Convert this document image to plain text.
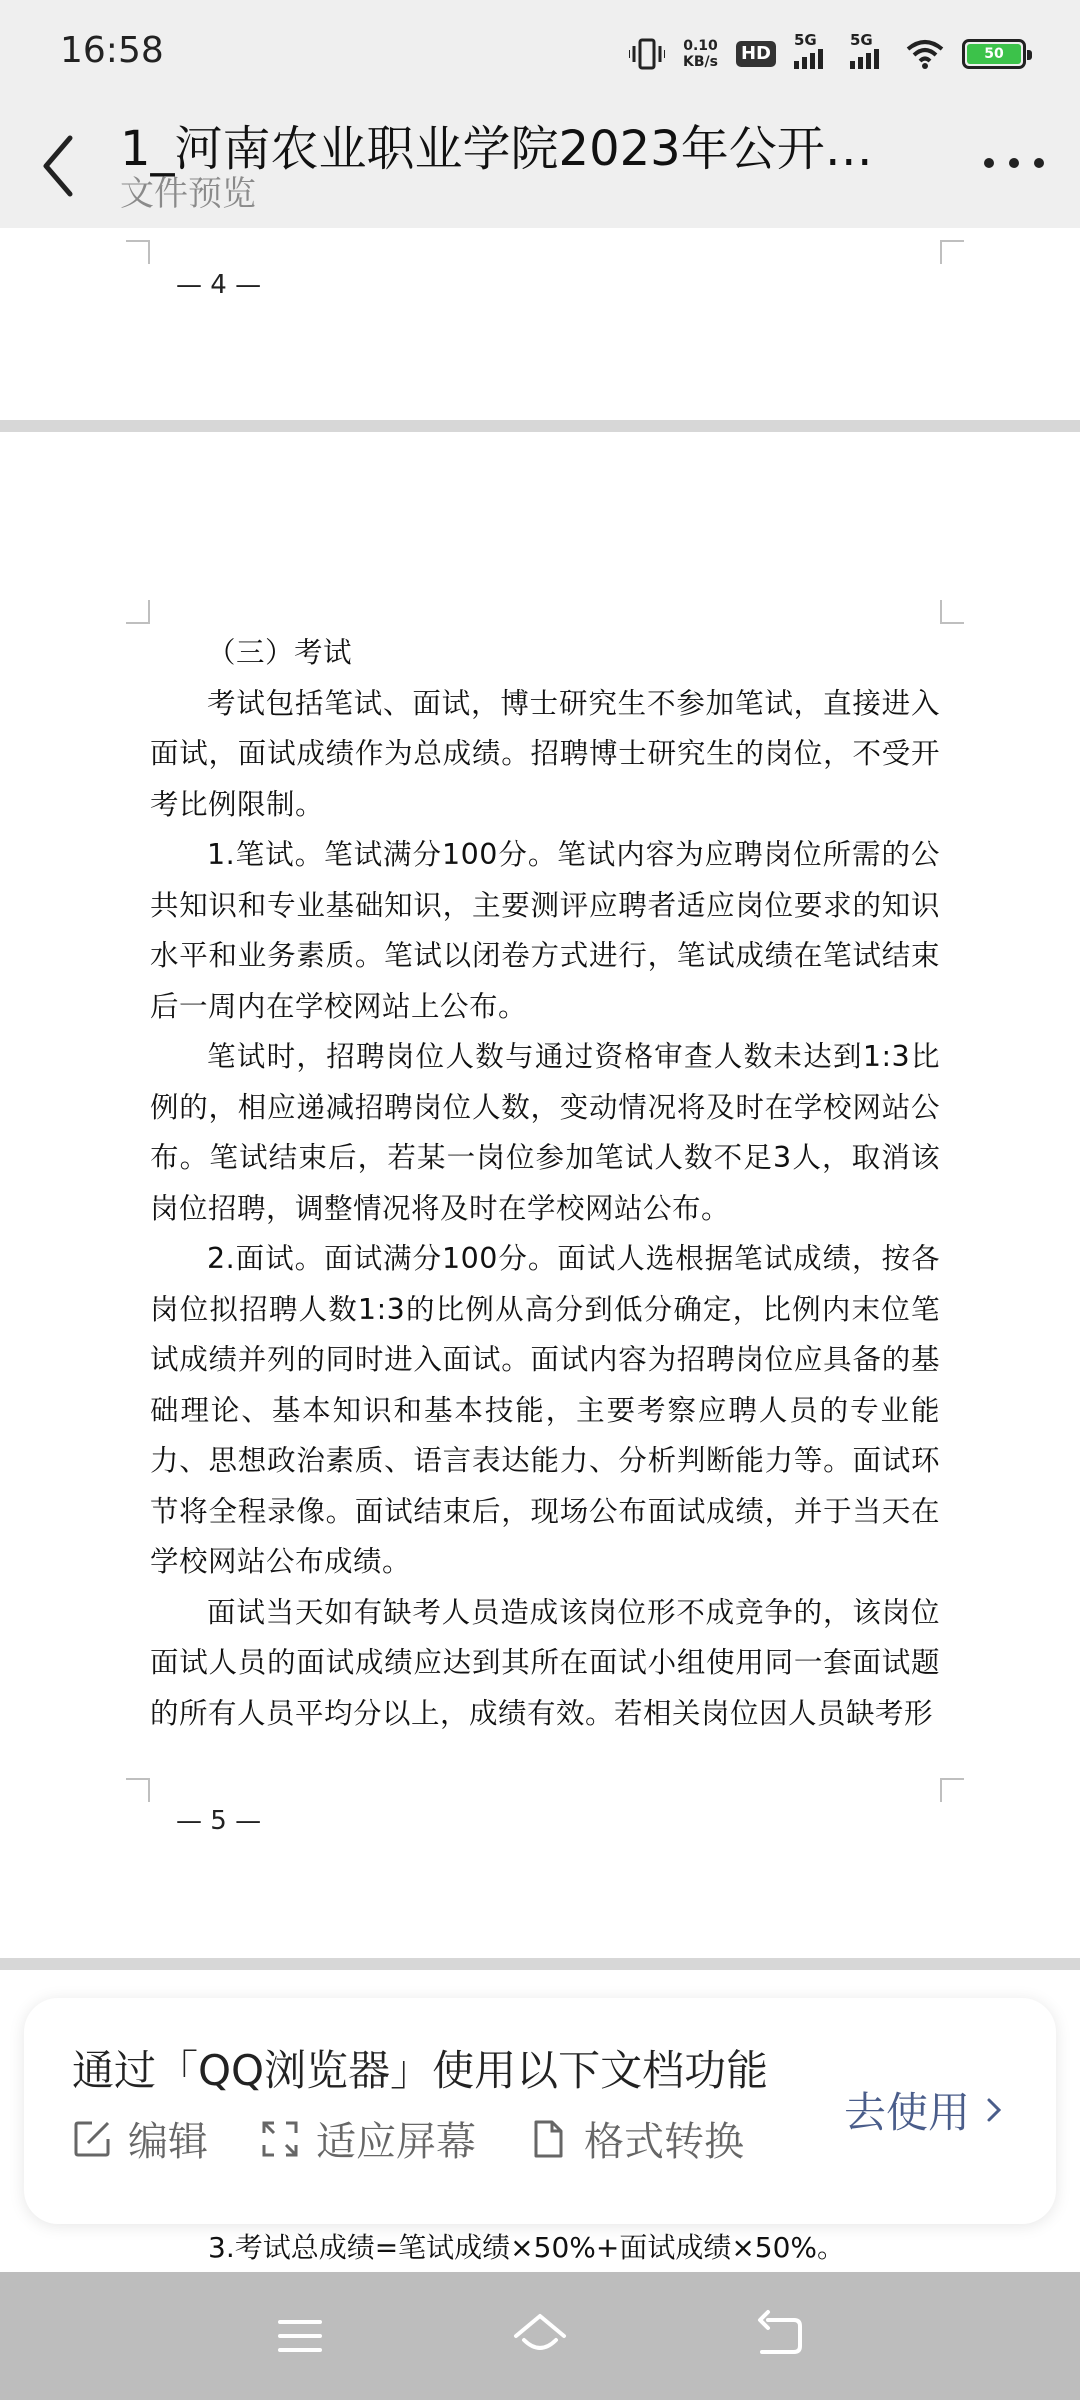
16:58	0.10
KB/s HD
5G 5G
50
1_河南农业职业学院2023年公开…
文件预览
— 4 —

（三）考试

考试包括笔试、面试，博士研究生不参加笔试，直接进入面试，面试成绩作为总成绩。招聘博士研究生的岗位，不受开考比例限制。

1.笔试。笔试满分100分。笔试内容为应聘岗位所需的公共知识和专业基础知识，主要测评应聘者适应岗位要求的知识水平和业务素质。笔试以闭卷方式进行，笔试成绩在笔试结束后一周内在学校网站上公布。

笔试时，招聘岗位人数与通过资格审查人数未达到1:3比例的，相应递减招聘岗位人数，变动情况将及时在学校网站公布。笔试结束后，若某一岗位参加笔试人数不足3人，取消该岗位招聘，调整情况将及时在学校网站公布。

2.面试。面试满分100分。面试人选根据笔试成绩，按各岗位拟招聘人数1:3的比例从高分到低分确定，比例内末位笔试成绩并列的同时进入面试。面试内容为招聘岗位应具备的基础理论、基本知识和基本技能，主要考察应聘人员的专业能力、思想政治素质、语言表达能力、分析判断能力等。面试环节将全程录像。面试结束后，现场公布面试成绩，并于当天在学校网站公布成绩。

面试当天如有缺考人员造成该岗位形不成竞争的，该岗位面试人员的面试成绩应达到其所在面试小组使用同一套面试题的所有人员平均分以上，成绩有效。若相关岗位因人员缺考形

— 5 —
3.考试总成绩=笔试成绩×50%+面试成绩×50%。
通过「QQ浏览器」使用以下文档功能
编辑	适应屏幕	格式转换
去使用
